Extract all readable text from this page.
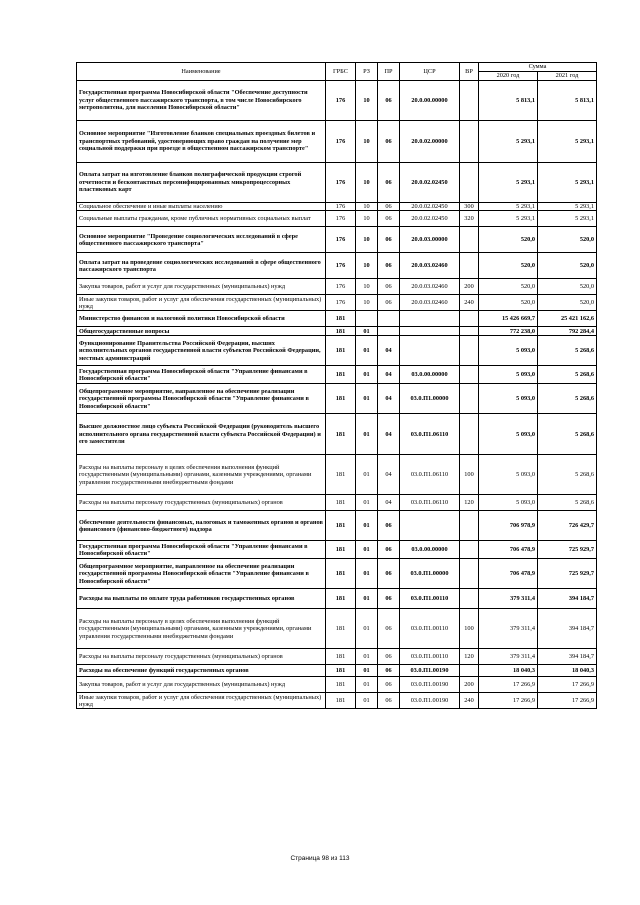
Наименование	ГРБС	РЗ	ПР	ЦСР	ВР	Сумма	
						2020 год	2021 год
Государственная программа Новосибирской области "Обеспечение доступности услуг общественного пассажирского транспорта, в том числе Новосибирского метрополитена, для населения Новосибирской области"	176	10	06	20.0.00.00000		5 813,1	5 813,1
Основное мероприятие "Изготовление бланков специальных проездных билетов и транспортных требований, удостоверяющих право граждан на получение мер социальной поддержки при проезде в общественном пассажирском транспорте"	176	10	06	20.0.02.00000		5 293,1	5 293,1
Оплата затрат на изготовление бланков полиграфической продукции строгой отчетности и бесконтактных персонифицированных микропроцессорных пластиковых карт	176	10	06	20.0.02.02450		5 293,1	5 293,1
Социальное обеспечение и иные выплаты населению	176	10	06	20.0.02.02450	300	5 293,1	5 293,1
Социальные выплаты гражданам, кроме публичных нормативных социальных выплат	176	10	06	20.0.02.02450	320	5 293,1	5 293,1
Основное мероприятие "Проведение социологических исследований в сфере общественного пассажирского транспорта"	176	10	06	20.0.03.00000		520,0	520,0
Оплата затрат на проведение социологических исследований в сфере общественного пассажирского транспорта	176	10	06	20.0.03.02460		520,0	520,0
Закупка товаров, работ и услуг для государственных (муниципальных) нужд	176	10	06	20.0.03.02460	200	520,0	520,0
Иные закупки товаров, работ и услуг для обеспечения государственных (муниципальных) нужд	176	10	06	20.0.03.02460	240	520,0	520,0
Министерство финансов и налоговой политики Новосибирской области	181					15 426 669,7	25 421 162,6
Общегосударственные вопросы	181	01				772 238,0	792 284,4
Функционирование Правительства Российской Федерации, высших исполнительных органов государственной власти субъектов Российской Федерации, местных администраций	181	01	04			5 093,0	5 268,6
Государственная программа Новосибирской области "Управление финансами в Новосибирской области"	181	01	04	03.0.00.00000		5 093,0	5 268,6
Общепрограммное мероприятие, направленное на обеспечение реализации государственной программы Новосибирской области "Управление финансами в Новосибирской области"	181	01	04	03.0.П1.00000		5 093,0	5 268,6
Высшее должностное лицо субъекта Российской Федерации (руководитель высшего исполнительного органа государственной власти субъекта Российской Федерации) и его заместители	181	01	04	03.0.П1.06110		5 093,0	5 268,6
Расходы на выплаты персоналу в целях обеспечения выполнения функций государственными (муниципальными) органами, казенными учреждениями, органами управления государственными внебюджетными фондами	181	01	04	03.0.П1.06110	100	5 093,0	5 268,6
Расходы на выплаты персоналу государственных (муниципальных) органов	181	01	04	03.0.П1.06110	120	5 093,0	5 268,6
Обеспечение деятельности финансовых, налоговых и таможенных органов и органов финансового (финансово-бюджетного) надзора	181	01	06			706 978,9	726 429,7
Государственная программа Новосибирской области "Управление финансами в Новосибирской области"	181	01	06	03.0.00.00000		706 478,9	725 929,7
Общепрограммное мероприятие, направленное на обеспечение реализации государственной программы Новосибирской области "Управление финансами в Новосибирской области"	181	01	06	03.0.П1.00000		706 478,9	725 929,7
Расходы на выплаты по оплате труда работников государственных органов	181	01	06	03.0.П1.00110		379 311,4	394 184,7
Расходы на выплаты персоналу в целях обеспечения выполнения функций государственными (муниципальными) органами, казенными учреждениями, органами управления государственными внебюджетными фондами	181	01	06	03.0.П1.00110	100	379 311,4	394 184,7
Расходы на выплаты персоналу государственных (муниципальных) органов	181	01	06	03.0.П1.00110	120	379 311,4	394 184,7
Расходы на обеспечение функций государственных органов	181	01	06	03.0.П1.00190		18 040,3	18 040,3
Закупка товаров, работ и услуг для государственных (муниципальных) нужд	181	01	06	03.0.П1.00190	200	17 266,9	17 266,9
Иные закупки товаров, работ и услуг для обеспечения государственных (муниципальных) нужд	181	01	06	03.0.П1.00190	240	17 266,9	17 266,9
Страница 98 из 113
